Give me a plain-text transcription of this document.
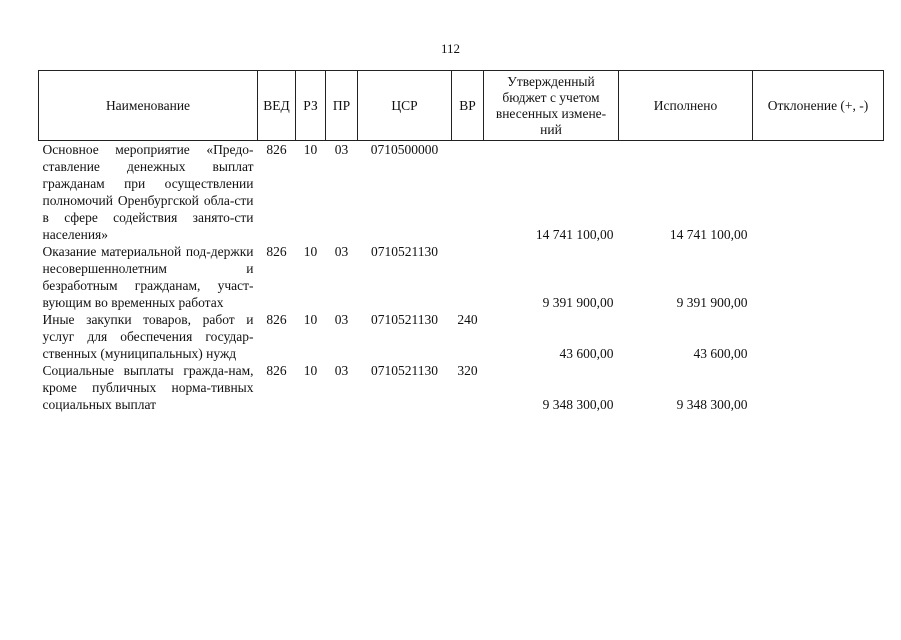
112
Наименование	ВЕД	РЗ	ПР	ЦСР	ВР	Утвержденный бюджет с учетом внесенных измене-ний	Исполнено	Отклонение (+, -)

Основное мероприятие «Предо-ставление денежных выплат гражданам при осуществлении полномочий Оренбургской обла-сти в сфере содействия занято-сти населения»	826	10	03	0710500000		14 741 100,00	14 741 100,00	

Оказание материальной под-держки несовершеннолетним и безработным гражданам, участ-вующим во временных работах	826	10	03	0710521130		9 391 900,00	9 391 900,00	

Иные закупки товаров, работ и услуг для обеспечения государ-ственных (муниципальных) нужд	826	10	03	0710521130	240	43 600,00	43 600,00	

Социальные выплаты гражда-нам, кроме публичных норма-тивных социальных выплат	826	10	03	0710521130	320	9 348 300,00	9 348 300,00	
